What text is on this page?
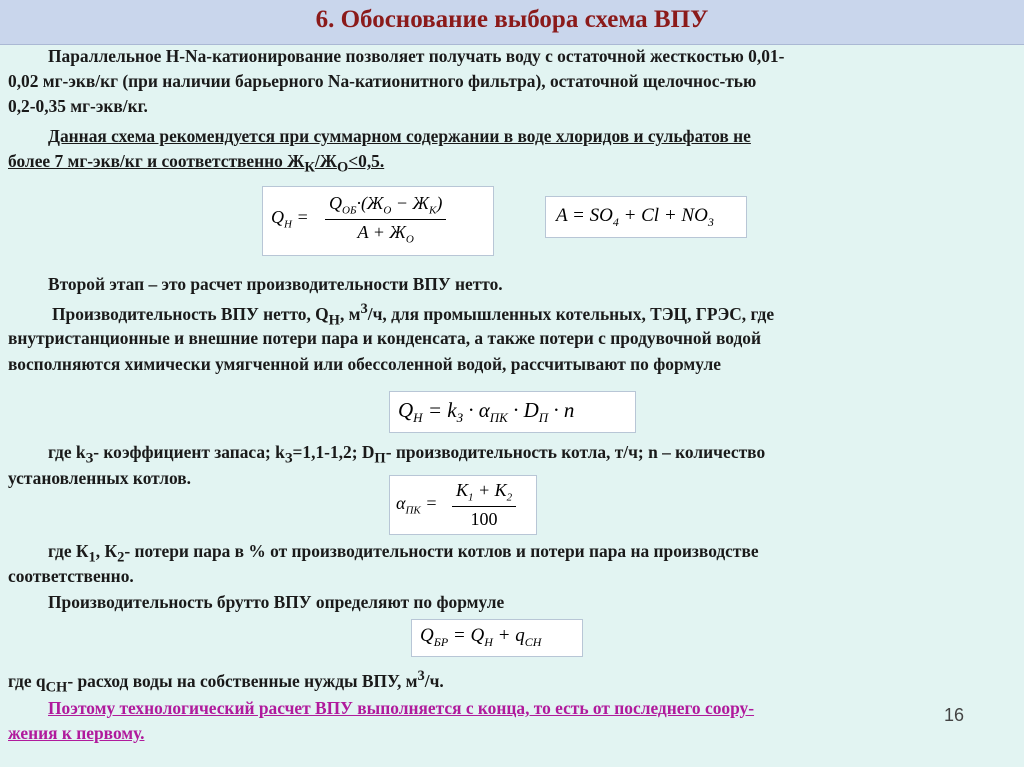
6. Обоснование выбора схема ВПУ
Параллельное Н-Na-катионирование позволяет получать воду с остаточной жесткостью 0,01-
0,02 мг-экв/кг (при наличии барьерного Na-катионитного фильтра), остаточной щелочнос-тью
0,2-0,35 мг-экв/кг.
Данная схема рекомендуется при суммарном содержании в воде хлоридов и сульфатов не
более 7 мг-экв/кг и соответственно $Ж_К/Ж_О<0,5$.
$Q_Н$ =
$Q_{ОБ}\cdot(Ж_О - Ж_К)$
$A + Ж_О$
$A = SO_4 + Cl + NO_3$
Второй этап – это расчет производительности ВПУ нетто.
Производительность ВПУ нетто, $Q_Н$, $м^3/ч$, для промышленных котельных, ТЭЦ, ГРЭС, где
внутристанционные и внешние потери пара и конденсата, а также потери с продувочной водой
восполняются химически умягченной или обессоленной водой, рассчитывают по формуле
$Q_Н = k_З \cdot \alpha_{ПК} \cdot D_П \cdot n$
где $k_З-$ коэффициент запаса; $k_З=1,1-1,2$; $D_П-$ производительность котла, т/ч; n – количество
установленных котлов.
$\alpha_{ПК}$ =
$К_1 + К_2$
100
где $К_1$, $К_2-$ потери пара в % от производительности котлов и потери пара на производстве
соответственно.
Производительность брутто ВПУ определяют по формуле
$Q_{БР} = Q_Н + q_{СН}$
где $q_{СН}-$ расход воды на собственные нужды ВПУ, $м^3/ч$.
Поэтому технологический расчет ВПУ выполняется с конца, то есть от последнего соору-
жения к первому.
16
